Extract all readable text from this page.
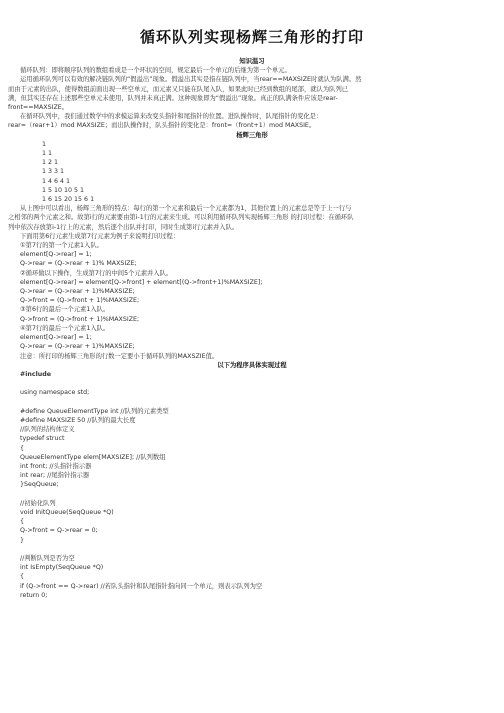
循环队列实现杨辉三角形的打印

知识温习

循环队列：即将顺序队列的数组看成是一个环状的空间，规定最后一个单元的后继为第一个单元。

运用循环队列可以有效的解决链队列的“假溢出”现象。假溢出其实是指在链队列中，当rear==MAXSIZE时就认为队满。然

而由于元素的出队，使得数组前面出现一些空单元，而元素又只能在队尾入队，如果此时已经到数组的尾部，就认为队列已

满，但其实还存在上述那些空单元未使用，队列并未真正满。这种现象即为“假溢出”现象。真正的队满条件应该是rear-

front==MAXSIZE。

在循环队列中，我们通过数学中的求模运算来改变头指针和尾指针的位置。进队操作时，队尾指针的变化是：

rear=（rear+1）mod MAXSIZE；而出队操作时，队头指针的变化是：front=（front+1）mod MAXSIE。

杨辉三角形

1

1 1

1 2 1

1 3 3 1

1 4 6 4 1

1 5 10 10 5 1

1 6 15 20 15 6 1

从上图中可以看出，杨辉三角形的特点：每行的第一个元素和最后一个元素都为1，其他位置上的元素总是等于上一行与

之相邻的两个元素之和。故第i行的元素要由第i-1行的元素来生成。可以利用循环队列实现杨辉三角形 的打印过程：在循环队

列中依次存放第i-1行上的元素，然后逐个出队并打印，同时生成第i行元素并入队。

下面用第6行元素生成第7行元素为例子来说明打印过程：

①第7行的第一个元素1入队。

element[Q->rear] = 1;

Q->rear = (Q->rear + 1)% MAXSIZE;

②循环做以下操作，生成第7行的中间5个元素并入队。

element[Q->rear] = element[Q->front] + element[(Q->front+1)%MAXSIZE];

Q->rear = (Q->rear + 1)%MAXSIZE;

Q->front = (Q->front + 1)%MAXSIZE;

③第6行的最后一个元素1入队。

Q->front = (Q->front + 1)%MAXSIZE;

④第7行的最后一个元素1入队。

element[Q->rear] = 1;

Q->rear = (Q->rear + 1)%MAXSIZE;

注意：所打印的杨辉三角形的行数一定要小于循环队列的MAXSZIE值。

以下为程序具体实现过程

#include

using namespace std;

#define QueueElementType int //队列的元素类型

#define MAXSIZE 50 //队列的最大长度

//队列的结构体定义

typedef struct

{

QueueElementType elem[MAXSIZE]; //队列数组

int front; //头指针指示器

int rear; //尾指针指示器

}SeqQueue;

//初始化队列

void InitQueue(SeqQueue *Q)

{

Q->front = Q->rear = 0;

}

//判断队列是否为空

int IsEmpty(SeqQueue *Q)

{

if (Q->front == Q->rear) //若队头指针和队尾指针指向同一个单元，则表示队列为空

return 0;
